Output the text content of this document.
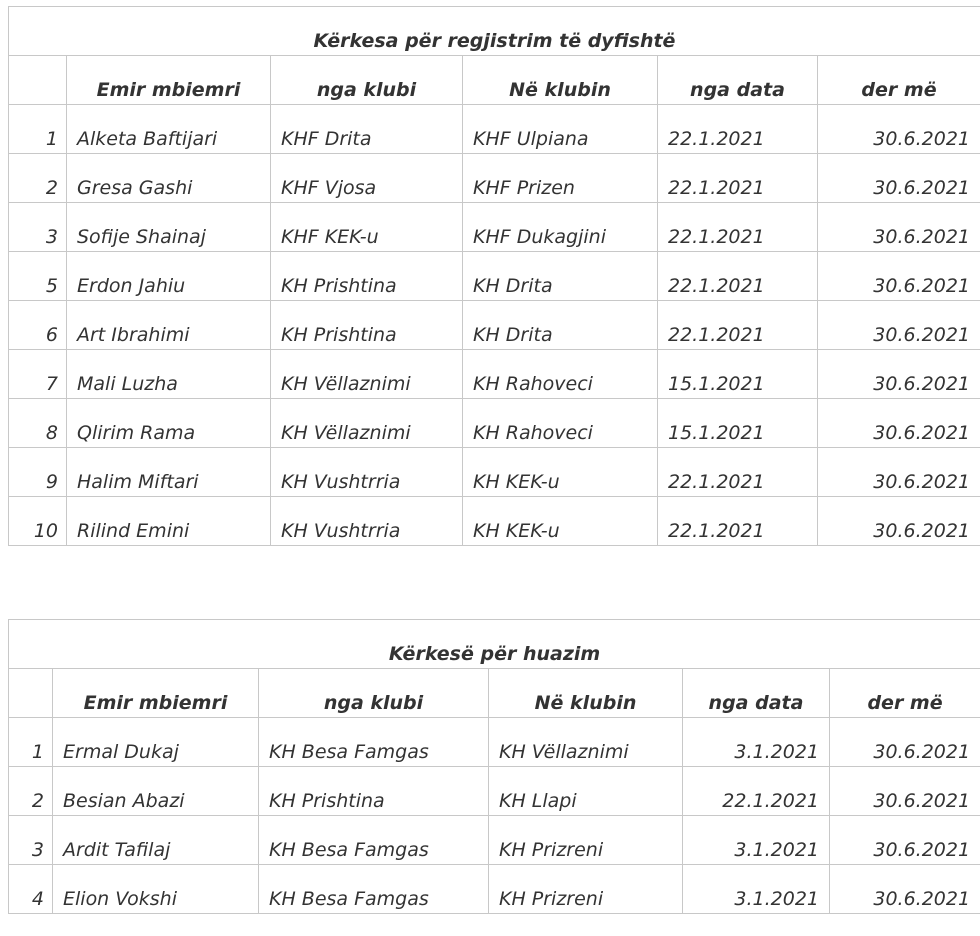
Kërkesa për regjistrim të dyfishtë					
	Emir mbiemri	nga klubi	Në klubin	nga data	der më
1	Alketa Baftijari	KHF Drita	KHF Ulpiana	22.1.2021	30.6.2021
2	Gresa Gashi	KHF Vjosa	KHF Prizen	22.1.2021	30.6.2021
3	Sofije Shainaj	KHF KEK-u	KHF Dukagjini	22.1.2021	30.6.2021
5	Erdon Jahiu	KH Prishtina	KH Drita	22.1.2021	30.6.2021
6	Art Ibrahimi	KH Prishtina	KH Drita	22.1.2021	30.6.2021
7	Mali Luzha	KH Vëllaznimi	KH Rahoveci	15.1.2021	30.6.2021
8	Qlirim Rama	KH Vëllaznimi	KH Rahoveci	15.1.2021	30.6.2021
9	Halim Miftari	KH Vushtrria	KH KEK-u	22.1.2021	30.6.2021
10	Rilind Emini	KH Vushtrria	KH KEK-u	22.1.2021	30.6.2021
Kërkesë për huazim					
	Emir mbiemri	nga klubi	Në klubin	nga data	der më
1	Ermal Dukaj	KH Besa Famgas	KH Vëllaznimi	3.1.2021	30.6.2021
2	Besian Abazi	KH Prishtina	KH Llapi	22.1.2021	30.6.2021
3	Ardit Tafilaj	KH Besa Famgas	KH Prizreni	3.1.2021	30.6.2021
4	Elion Vokshi	KH Besa Famgas	KH Prizreni	3.1.2021	30.6.2021
